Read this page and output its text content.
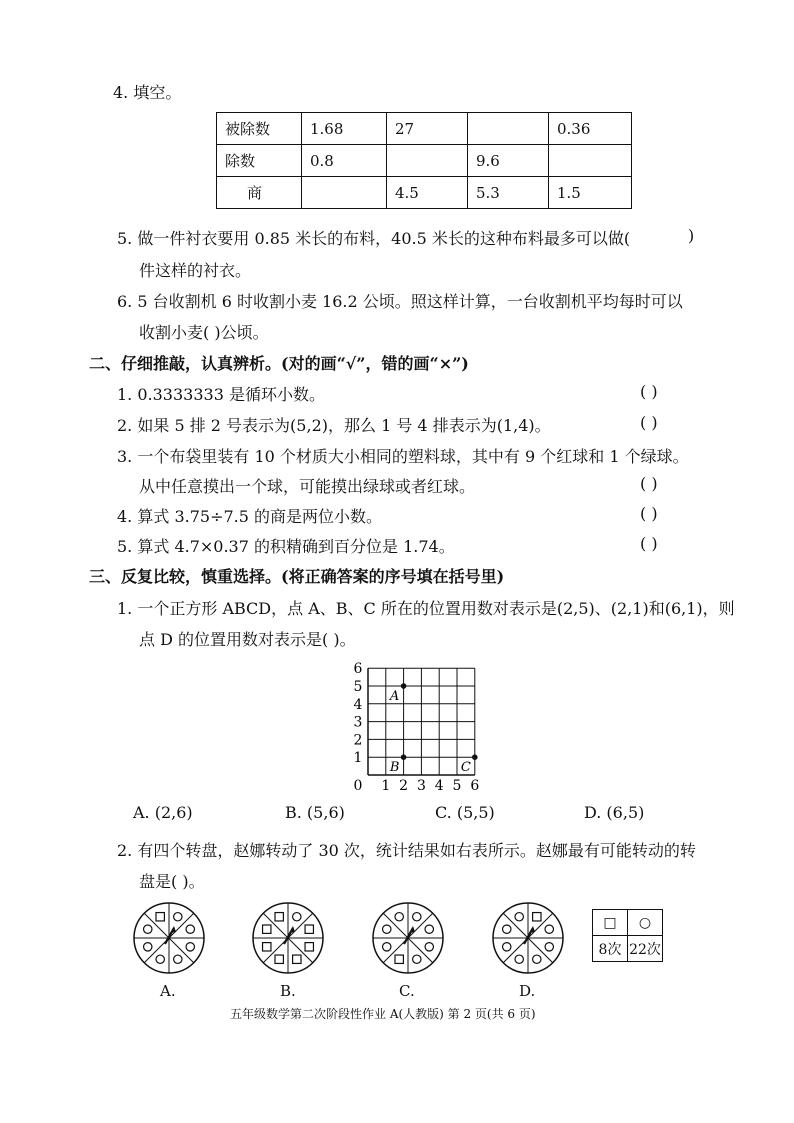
4. 填空。
被除数	1.68	27		0.36
除数	0.8		9.6	
商		4.5	5.3	1.5
5. 做一件衬衣要用 0.85 米长的布料，40.5 米长的这种布料最多可以做(	)
件这样的衬衣。
6. 5 台收割机 6 时收割小麦 16.2 公顷。照这样计算，一台收割机平均每时可以
收割小麦( )公顷。
二、仔细推敲，认真辨析。(对的画“√”，错的画“×”)
1. 0.3333333 是循环小数。	( )
2. 如果 5 排 2 号表示为(5,2)，那么 1 号 4 排表示为(1,4)。	( )
3. 一个布袋里装有 10 个材质大小相同的塑料球，其中有 9 个红球和 1 个绿球。
从中任意摸出一个球，可能摸出绿球或者红球。	( )
4. 算式 3.75÷7.5 的商是两位小数。	( )
5. 算式 4.7×0.37 的积精确到百分位是 1.74。	( )
三、反复比较，慎重选择。(将正确答案的序号填在括号里)
1. 一个正方形 ABCD，点 A、B、C 所在的位置用数对表示是(2,5)、(2,1)和(6,1)，则
点 D 的位置用数对表示是( )。
0 1 2 3 4 5 6
1
2
3
4
5
6
A
B	C
A. (2,6)	B. (5,6)	C. (5,5)	D. (6,5)
2. 有四个转盘，赵娜转动了 30 次，统计结果如右表所示。赵娜最有可能转动的转
盘是( )。
A.	B.	C.	D.
□	○
8次	22次
五年级数学第二次阶段性作业 A(人教版) 第 2 页(共 6 页)
